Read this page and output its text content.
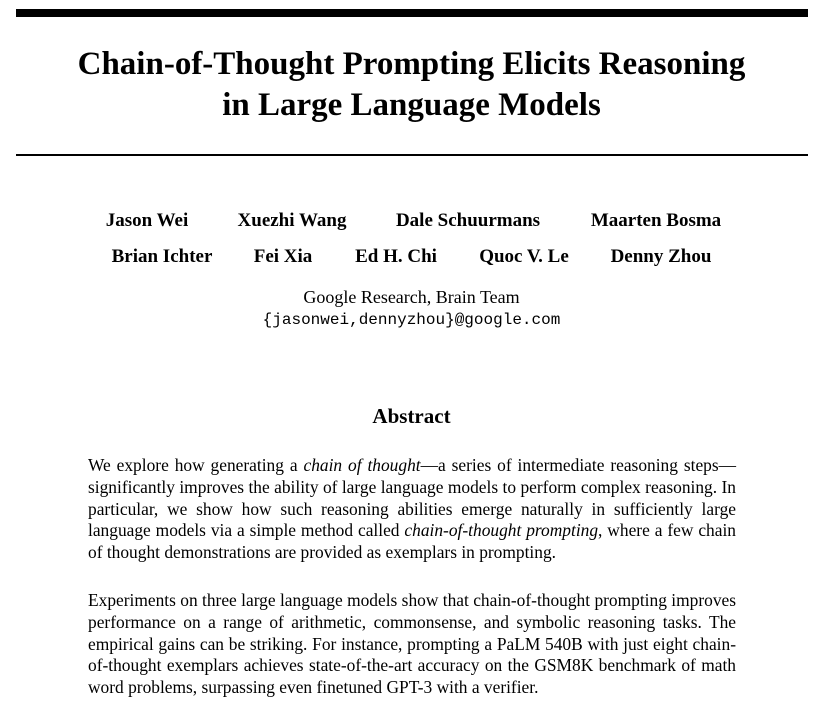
Chain-of-Thought Prompting Elicits Reasoning
in Large Language Models
Jason Wei	Xuezhi Wang	Dale Schuurmans	Maarten Bosma
Brian Ichter Fei Xia Ed H. Chi Quoc V. Le Denny Zhou
Google Research, Brain Team
{jasonwei,dennyzhou}@google.com
Abstract

We explore how generating a chain of thought—a series of intermediate reasoning steps—significantly improves the ability of large language models to perform complex reasoning. In particular, we show how such reasoning abilities emerge naturally in sufficiently large language models via a simple method called chain-of-thought prompting, where a few chain of thought demonstrations are provided as exemplars in prompting.

Experiments on three large language models show that chain-of-thought prompting improves performance on a range of arithmetic, commonsense, and symbolic reasoning tasks. The empirical gains can be striking. For instance, prompting a PaLM 540B with just eight chain-of-thought exemplars achieves state-of-the-art accuracy on the GSM8K benchmark of math word problems, surpassing even finetuned GPT-3 with a verifier.
